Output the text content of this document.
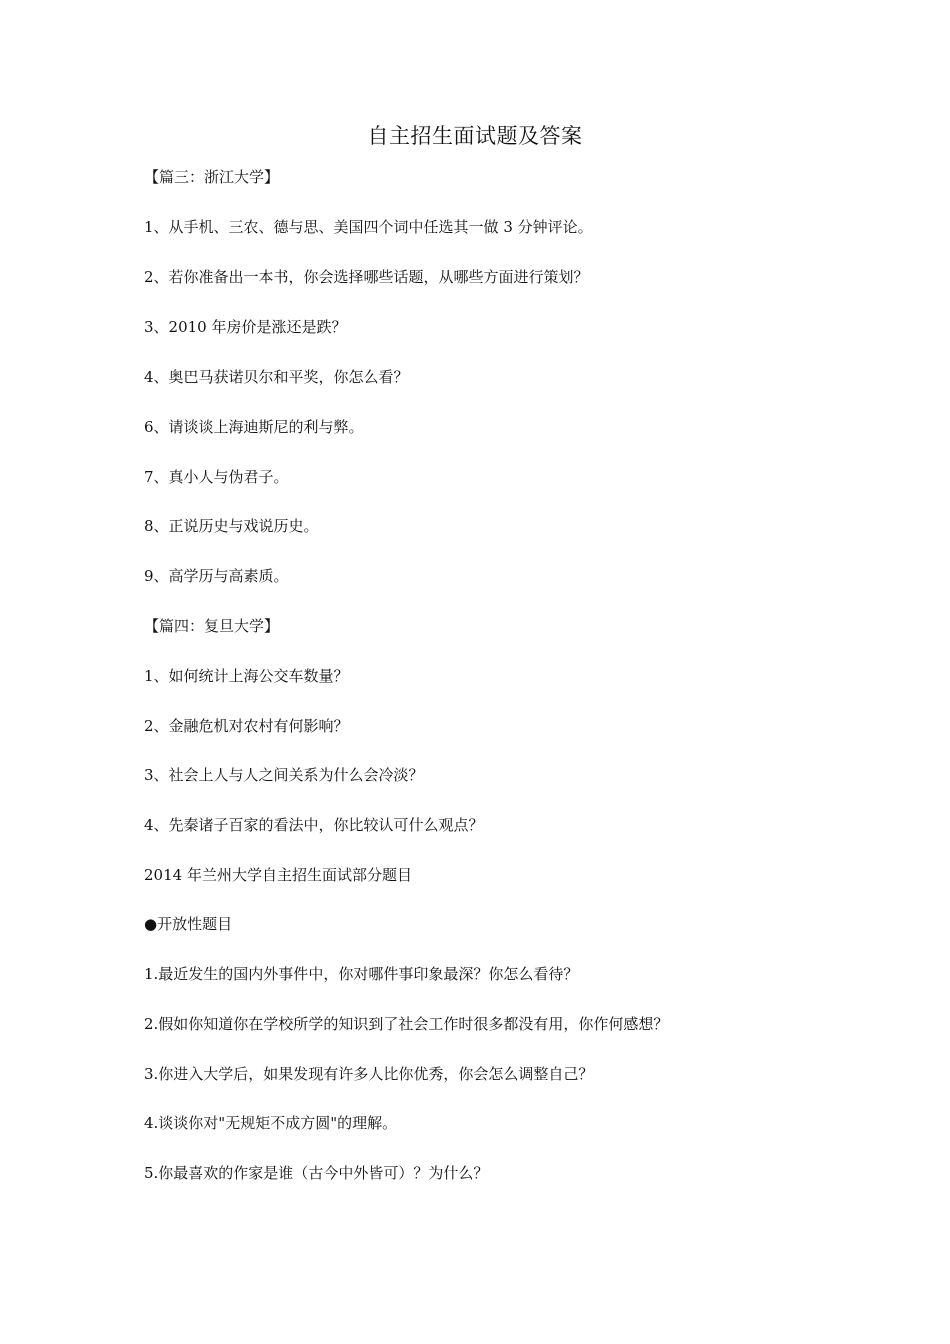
自主招生面试题及答案
【篇三：浙江大学】
1、从手机、三农、德与思、美国四个词中任选其一做 3 分钟评论。
2、若你准备出一本书，你会选择哪些话题，从哪些方面进行策划？
3、2010 年房价是涨还是跌？
4、奥巴马获诺贝尔和平奖，你怎么看？
6、请谈谈上海迪斯尼的利与弊。
7、真小人与伪君子。
8、正说历史与戏说历史。
9、高学历与高素质。
【篇四：复旦大学】
1、如何统计上海公交车数量？
2、金融危机对农村有何影响？
3、社会上人与人之间关系为什么会冷淡？
4、先秦诸子百家的看法中，你比较认可什么观点？
2014 年兰州大学自主招生面试部分题目
●开放性题目
1.最近发生的国内外事件中，你对哪件事印象最深？你怎么看待？
2.假如你知道你在学校所学的知识到了社会工作时很多都没有用，你作何感想？
3.你进入大学后，如果发现有许多人比你优秀，你会怎么调整自己？
4.谈谈你对"无规矩不成方圆"的理解。
5.你最喜欢的作家是谁（古今中外皆可）？为什么？
